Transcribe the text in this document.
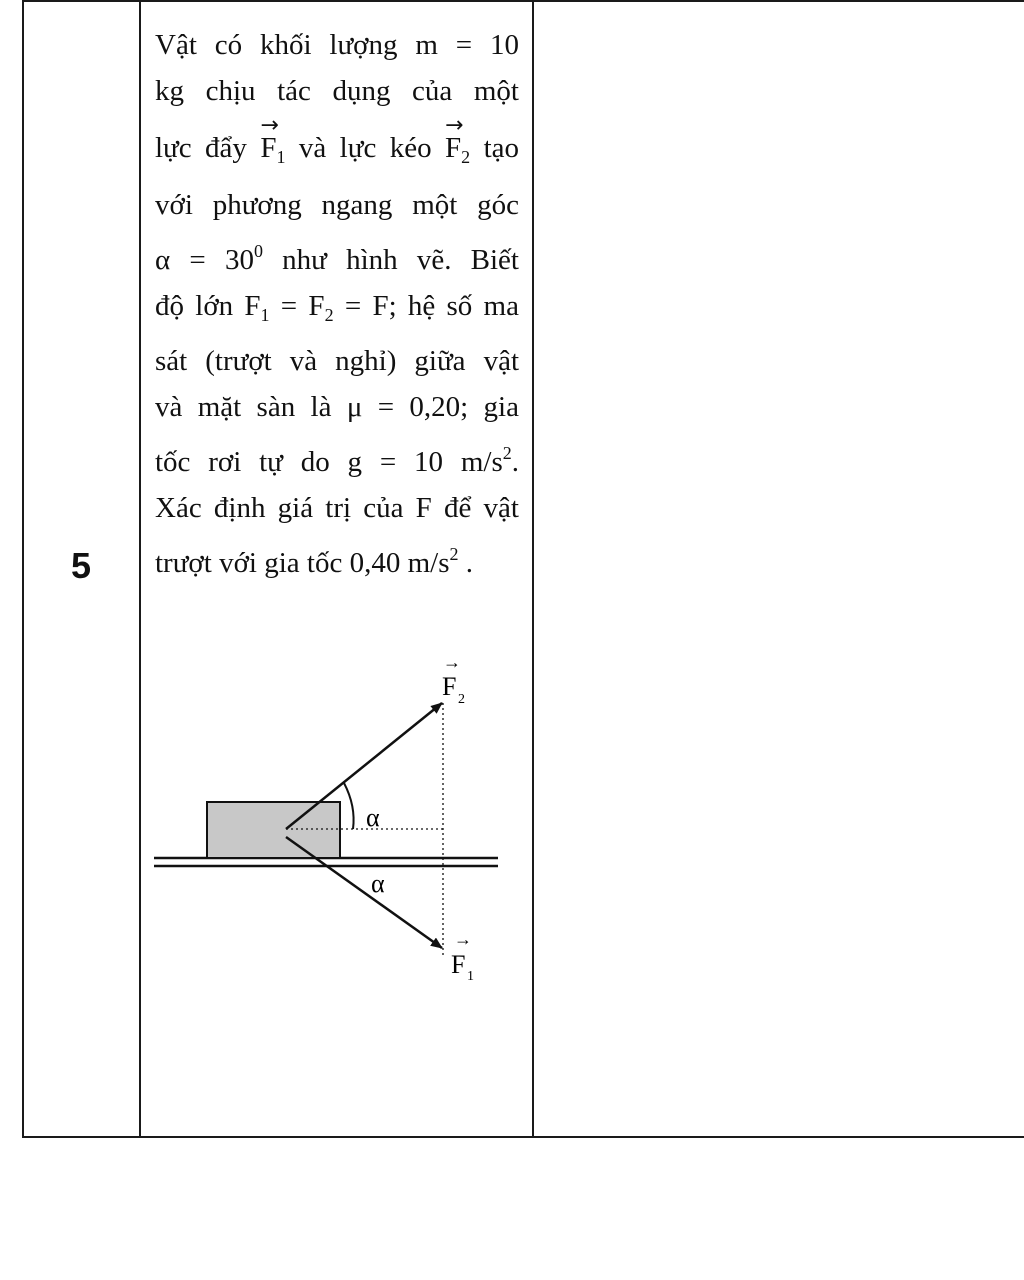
5
Vật có khối lượng m = 10
kg chịu tác dụng của một
lực đẩy → $F_1$ và lực kéo → $F_2$ tạo
với phương ngang một góc
$\alpha = 30^0$ như hình vẽ. Biết
độ lớn $F_1 = F_2 = F$; hệ số ma
sát (trượt và nghỉ) giữa vật
và mặt sàn là μ = 0,20; gia
tốc rơi tự do g = 10 $m/s^2$.
Xác định giá trị của F để vật
trượt với gia tốc 0,40 $m/s^2$ .
α
α
→
F 2
→
F 1
